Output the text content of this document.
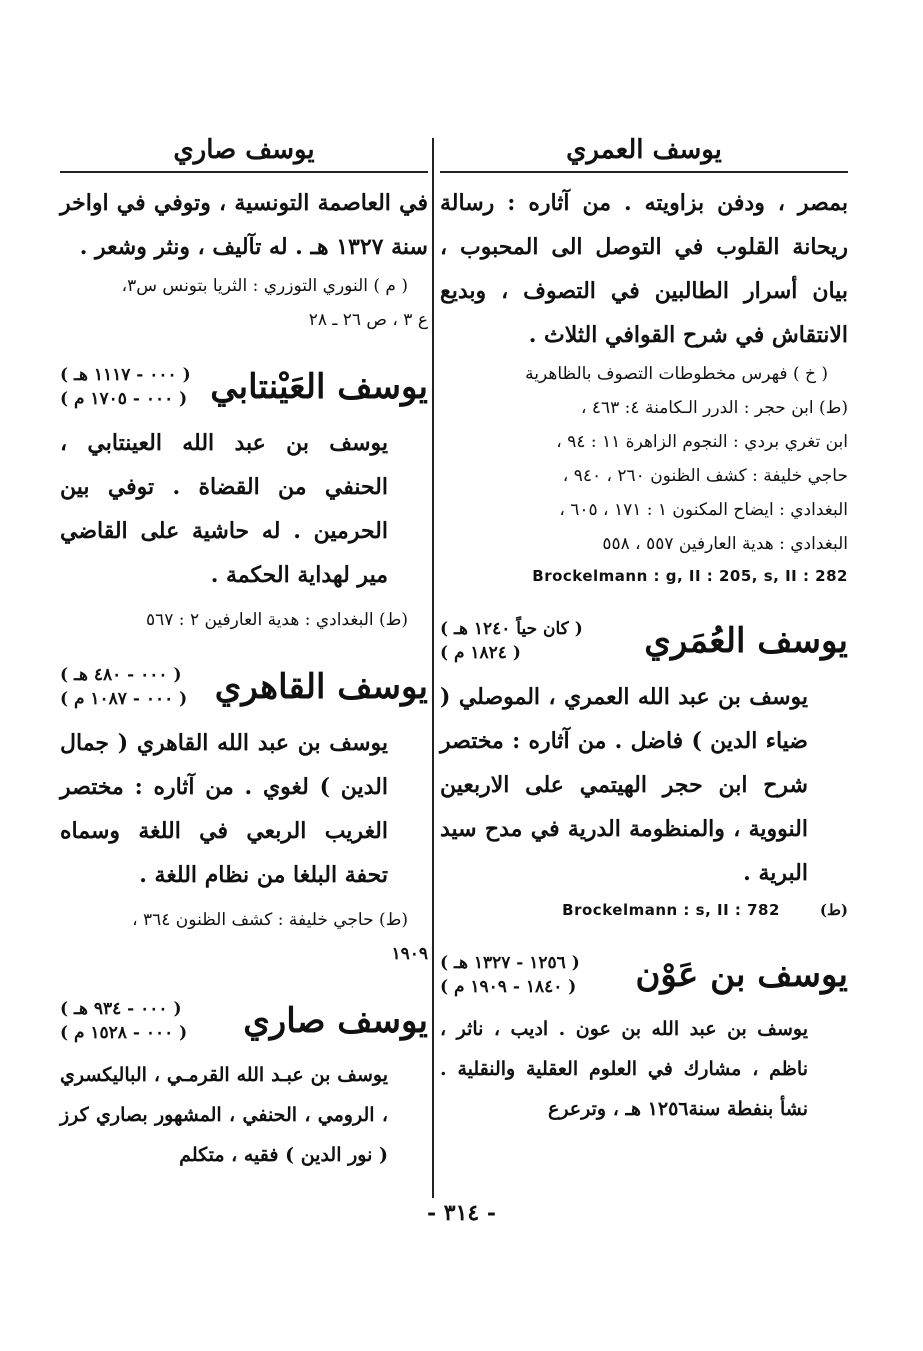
يوسف العمري
بمصر ، ودفن بزاويته . من آثاره : رسالة ريحانة القلوب في التوصل الى المحبوب ، بيان أسرار الطالبين في التصوف ، وبديع الانتقاش في شرح القوافي الثلاث .
( خ ) فهرس مخطوطات التصوف بالظاهرية
(ط) ابن حجر : الدرر الـكامنة ٤: ٤٦٣ ،
ابن تغري بردي : النجوم الزاهرة ١١ : ٩٤ ،
حاجي خليفة : كشف الظنون ٢٦٠ ، ٩٤٠ ،
البغدادي : ايضاح المكنون ١ : ١٧١ ، ٦٠٥ ،
البغدادي : هدية العارفين ٥٥٧ ، ٥٥٨
Brockelmann : g, II : 205, s, II : 282
يوسف العُمَري
( كان حياً ١٢٤٠ هـ )
( ١٨٢٤ م )
يوسف بن عبد الله العمري ، الموصلي ( ضياء الدين ) فاضل . من آثاره : مختصر شرح ابن حجر الهيتمي على الاربعين النووية ، والمنظومة الدرية في مدح سيد البرية .
Brockelmann : s, II : 782	(ط)
يوسف بن عَوْن
( ١٢٥٦ - ١٣٢٧ هـ )
( ١٨٤٠ - ١٩٠٩ م )
يوسف بن عبد الله بن عون . اديب ، ناثر ، ناظم ، مشارك في العلوم العقلية والنقلية . نشأ بنفطة سنة١٢٥٦ هـ ، وترعرع
يوسف صاري
في العاصمة التونسية ، وتوفي في اواخر سنة ١٣٢٧ هـ . له تآليف ، ونثر وشعر .
( م ) النوري التوزري : الثريا بتونس س٣،
ع ٣ ، ص ٢٦ ـ ٢٨
يوسف العَيْنتابي
( ٠٠٠ - ١١١٧ هـ )
( ٠٠٠ - ١٧٠٥ م )
يوسف بن عبد الله العينتابي ، الحنفي من القضاة . توفي بين الحرمين . له حاشية على القاضي مير لهداية الحكمة .
(ط) البغدادي : هدية العارفين ٢ : ٥٦٧
يوسف القاهري
( ٠٠٠ - ٤٨٠ هـ )
( ٠٠٠ - ١٠٨٧ م )
يوسف بن عبد الله القاهري ( جمال الدين ) لغوي . من آثاره : مختصر الغريب الربعي في اللغة وسماه تحفة البلغا من نظام اللغة .
(ط) حاجي خليفة : كشف الظنون ٣٦٤ ،
١٩٠٩
يوسف صاري
( ٠٠٠ - ٩٣٤ هـ )
( ٠٠٠ - ١٥٢٨ م )
يوسف بن عبـد الله القرمـي ، الباليكسري ، الرومي ، الحنفي ، المشهور بصاري كرز ( نور الدين ) فقيه ، متكلم
- ٣١٤ -
